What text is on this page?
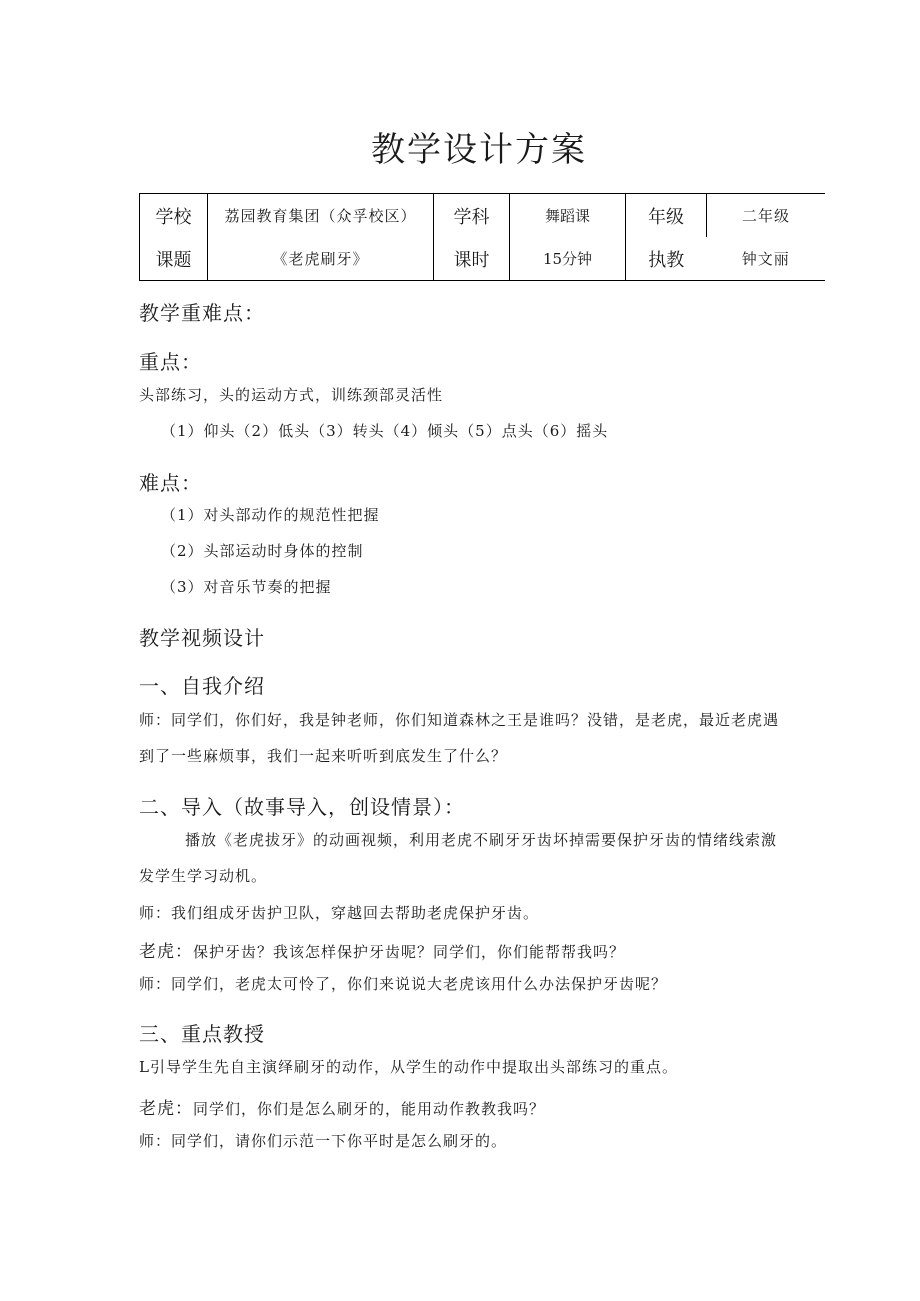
教学设计方案
学校	荔园教育集团（众孚校区）	学科	舞蹈课	年级	二年级
课题	《老虎刷牙》	课时	15分钟	执教	钟文丽
教学重难点：
重点：
头部练习，头的运动方式，训练颈部灵活性
（1）仰头（2）低头（3）转头（4）倾头（5）点头（6）摇头
难点：
（1）对头部动作的规范性把握
（2）头部运动时身体的控制
（3）对音乐节奏的把握
教学视频设计
一、自我介绍
师：同学们，你们好，我是钟老师，你们知道森林之王是谁吗？没错，是老虎，最近老虎遇
到了一些麻烦事，我们一起来听听到底发生了什么？
二、导入（故事导入，创设情景）：
播放《老虎拔牙》的动画视频，利用老虎不刷牙牙齿坏掉需要保护牙齿的情绪线索激
发学生学习动机。
师：我们组成牙齿护卫队，穿越回去帮助老虎保护牙齿。
老虎：保护牙齿？我该怎样保护牙齿呢？同学们，你们能帮帮我吗？
师：同学们，老虎太可怜了，你们来说说大老虎该用什么办法保护牙齿呢？
三、重点教授
L引导学生先自主演绎刷牙的动作，从学生的动作中提取出头部练习的重点。
老虎：同学们，你们是怎么刷牙的，能用动作教教我吗？
师：同学们，请你们示范一下你平时是怎么刷牙的。
